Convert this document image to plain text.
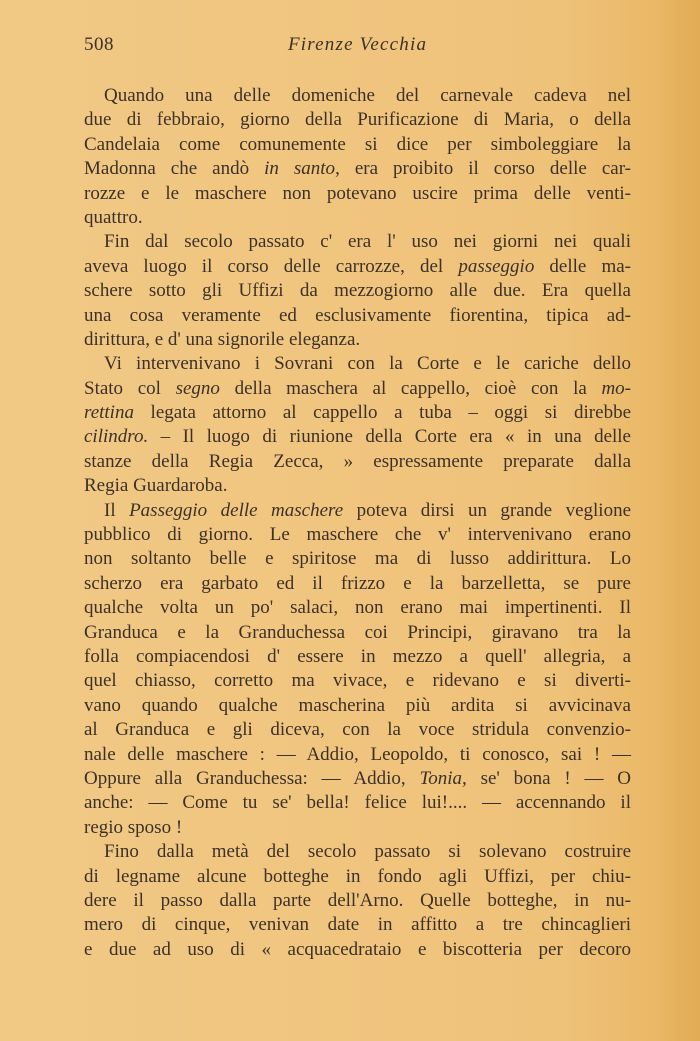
508	Firenze Vecchia
Quando una delle domeniche del carnevale cadeva nel
due di febbraio, giorno della Purificazione di Maria, o della
Candelaia come comunemente si dice per simboleggiare la
Madonna che andò in santo, era proibito il corso delle car-
rozze e le maschere non potevano uscire prima delle venti-
quattro.
Fin dal secolo passato c' era l' uso nei giorni nei quali
aveva luogo il corso delle carrozze, del passeggio delle ma-
schere sotto gli Uffizi da mezzogiorno alle due. Era quella
una cosa veramente ed esclusivamente fiorentina, tipica ad-
dirittura, e d' una signorile eleganza.
Vi intervenivano i Sovrani con la Corte e le cariche dello
Stato col segno della maschera al cappello, cioè con la mo-
rettina legata attorno al cappello a tuba – oggi si direbbe
cilindro. – Il luogo di riunione della Corte era « in una delle
stanze della Regia Zecca, » espressamente preparate dalla
Regia Guardaroba.
Il Passeggio delle maschere poteva dirsi un grande veglione
pubblico di giorno. Le maschere che v' intervenivano erano
non soltanto belle e spiritose ma di lusso addirittura. Lo
scherzo era garbato ed il frizzo e la barzelletta, se pure
qualche volta un po' salaci, non erano mai impertinenti. Il
Granduca e la Granduchessa coi Principi, giravano tra la
folla compiacendosi d' essere in mezzo a quell' allegria, a
quel chiasso, corretto ma vivace, e ridevano e si diverti-
vano quando qualche mascherina più ardita si avvicinava
al Granduca e gli diceva, con la voce stridula convenzio-
nale delle maschere : — Addio, Leopoldo, ti conosco, sai ! —
Oppure alla Granduchessa: — Addio, Tonia, se' bona ! — O
anche: — Come tu se' bella! felice lui!.... — accennando il
regio sposo !
Fino dalla metà del secolo passato si solevano costruire
di legname alcune botteghe in fondo agli Uffizi, per chiu-
dere il passo dalla parte dell'Arno. Quelle botteghe, in nu-
mero di cinque, venivan date in affitto a tre chincaglieri
e due ad uso di « acquacedrataio e biscotteria per decoro
